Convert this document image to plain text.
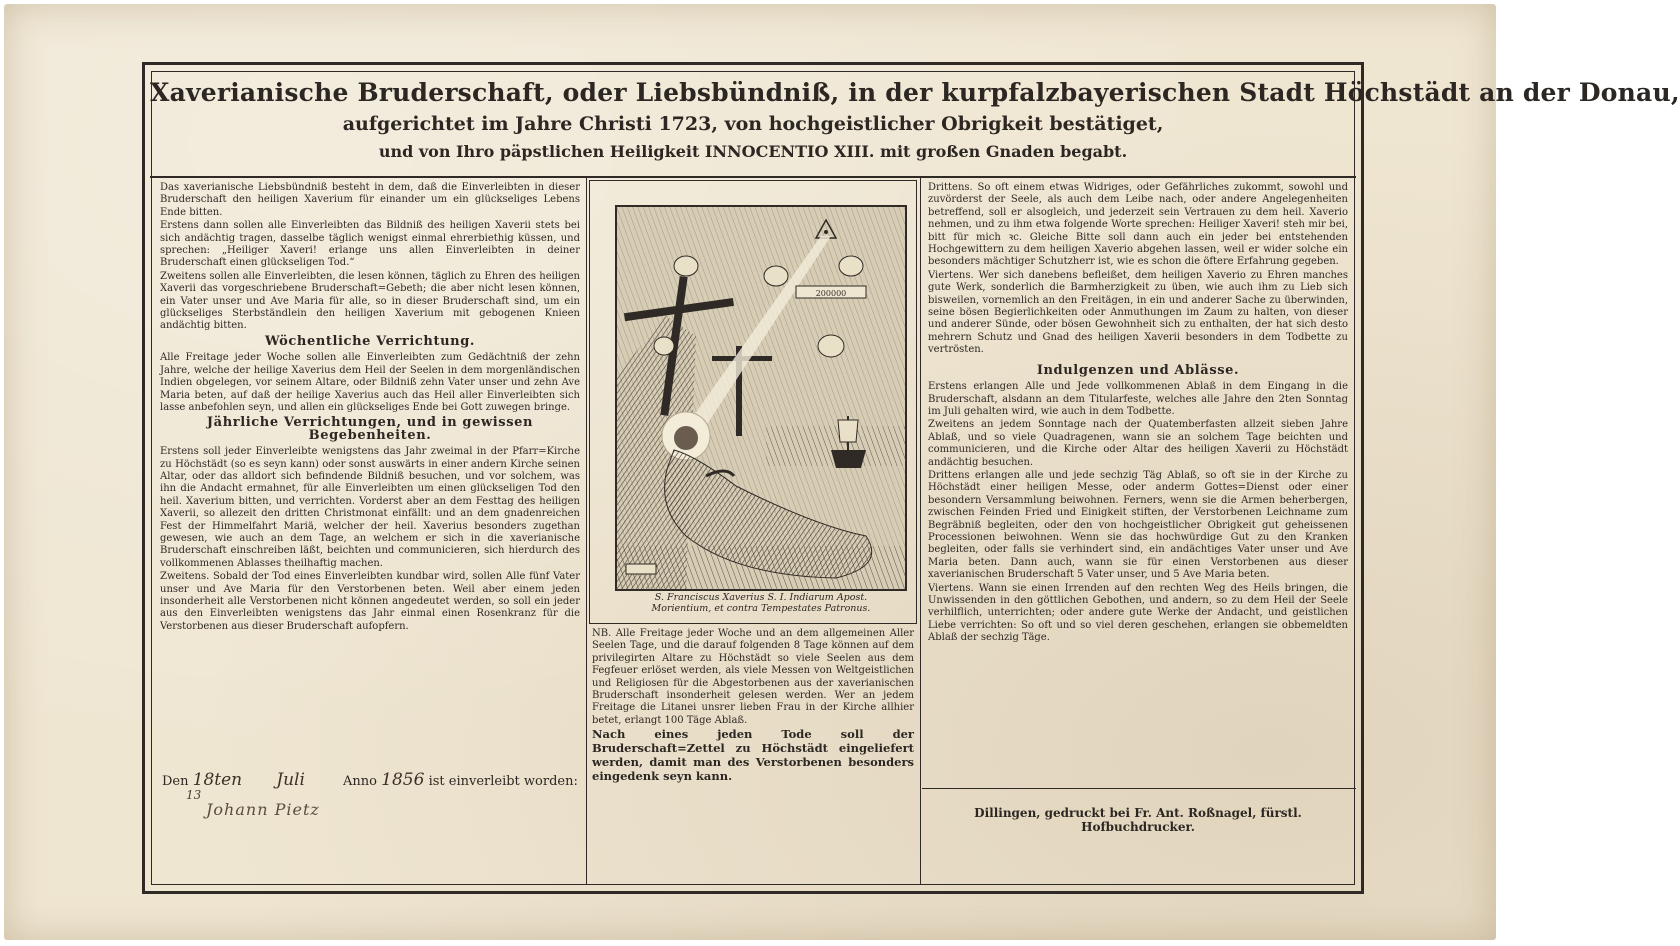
Xaverianische Bruderschaft, oder Liebsbündniß, in der kurpfalzbayerischen Stadt Höchstädt an der Donau,
aufgerichtet im Jahre Christi 1723, von hochgeistlicher Obrigkeit bestätiget,
und von Ihro päpstlichen Heiligkeit INNOCENTIO XIII. mit großen Gnaden begabt.

Das xaverianische Liebsbündniß besteht in dem, daß die Einverleibten in dieser Bruderschaft den heiligen Xaverium für einander um ein glückseliges Lebens Ende bitten.

Erstens dann sollen alle Einverleibten das Bildniß des heiligen Xaverii stets bei sich andächtig tragen, dasselbe täglich wenigst einmal ehrerbiethig küssen, und sprechen: „Heiliger Xaveri! erlange uns allen Einverleibten in deiner Bruderschaft einen glückseligen Tod.“

Zweitens sollen alle Einverleibten, die lesen können, täglich zu Ehren des heiligen Xaverii das vorgeschriebene Bruderschaft=Gebeth; die aber nicht lesen können, ein Vater unser und Ave Maria für alle, so in dieser Bruderschaft sind, um ein glückseliges Sterbständlein den heiligen Xaverium mit gebogenen Knieen andächtig bitten.

Wöchentliche Verrichtung.

Alle Freitage jeder Woche sollen alle Einverleibten zum Gedächtniß der zehn Jahre, welche der heilige Xaverius dem Heil der Seelen in dem morgenländischen Indien obgelegen, vor seinem Altare, oder Bildniß zehn Vater unser und zehn Ave Maria beten, auf daß der heilige Xaverius auch das Heil aller Einverleibten sich lasse anbefohlen seyn, und allen ein glückseliges Ende bei Gott zuwegen bringe.

Jährliche Verrichtungen, und in gewissen Begebenheiten.

Erstens soll jeder Einverleibte wenigstens das Jahr zweimal in der Pfarr=Kirche zu Höchstädt (so es seyn kann) oder sonst auswärts in einer andern Kirche seinen Altar, oder das alldort sich befindende Bildniß besuchen, und vor solchem, was ihn die Andacht ermahnet, für alle Einverleibten um einen glückseligen Tod den heil. Xaverium bitten, und verrichten. Vorderst aber an dem Festtag des heiligen Xaverii, so allezeit den dritten Christmonat einfällt: und an dem gnadenreichen Fest der Himmelfahrt Mariä, welcher der heil. Xaverius besonders zugethan gewesen, wie auch an dem Tage, an welchem er sich in die xaverianische Bruderschaft einschreiben läßt, beichten und communicieren, sich hierdurch des vollkommenen Ablasses theilhaftig machen.

Zweitens. Sobald der Tod eines Einverleibten kundbar wird, sollen Alle fünf Vater unser und Ave Maria für den Verstorbenen beten. Weil aber einem jeden insonderheit alle Verstorbenen nicht können angedeutet werden, so soll ein jeder aus den Einverleibten wenigstens das Jahr einmal einen Rosenkranz für die Verstorbenen aus dieser Bruderschaft aufopfern.

Den 18ten Juli	Anno 1856 ist einverleibt worden:
13
Johann Pietz
200000
S. Franciscus Xaverius S. I. Indiarum Apost.
Morientium, et contra Tempestates Patronus.

NB. Alle Freitage jeder Woche und an dem allgemeinen Aller Seelen Tage, und die darauf folgenden 8 Tage können auf dem privilegirten Altare zu Höchstädt so viele Seelen aus dem Fegfeuer erlöset werden, als viele Messen von Weltgeistlichen und Religiosen für die Abgestorbenen aus der xaverianischen Bruderschaft insonderheit gelesen werden. Wer an jedem Freitage die Litanei unsrer lieben Frau in der Kirche allhier betet, erlangt 100 Täge Ablaß.

Nach eines jeden Tode soll der Bruderschaft=Zettel zu Höchstädt eingeliefert werden, damit man des Verstorbenen besonders eingedenk seyn kann.

Drittens. So oft einem etwas Widriges, oder Gefährliches zukommt, sowohl und zuvörderst der Seele, als auch dem Leibe nach, oder andere Angelegenheiten betreffend, soll er alsogleich, und jederzeit sein Vertrauen zu dem heil. Xaverio nehmen, und zu ihm etwa folgende Worte sprechen: Heiliger Xaveri! steh mir bei, bitt für mich ꝛc. Gleiche Bitte soll dann auch ein jeder bei entstehenden Hochgewittern zu dem heiligen Xaverio abgehen lassen, weil er wider solche ein besonders mächtiger Schutzherr ist, wie es schon die öftere Erfahrung gegeben.

Viertens. Wer sich danebens befleißet, dem heiligen Xaverio zu Ehren manches gute Werk, sonderlich die Barmherzigkeit zu üben, wie auch ihm zu Lieb sich bisweilen, vornemlich an den Freitägen, in ein und anderer Sache zu überwinden, seine bösen Begierlichkeiten oder Anmuthungen im Zaum zu halten, von dieser und anderer Sünde, oder bösen Gewohnheit sich zu enthalten, der hat sich desto mehrern Schutz und Gnad des heiligen Xaverii besonders in dem Todbette zu vertrösten.

Indulgenzen und Ablässe.

Erstens erlangen Alle und Jede vollkommenen Ablaß in dem Eingang in die Bruderschaft, alsdann an dem Titularfeste, welches alle Jahre den 2ten Sonntag im Juli gehalten wird, wie auch in dem Todbette.

Zweitens an jedem Sonntage nach der Quatemberfasten allzeit sieben Jahre Ablaß, und so viele Quadragenen, wann sie an solchem Tage beichten und communicieren, und die Kirche oder Altar des heiligen Xaverii zu Höchstädt andächtig besuchen.

Drittens erlangen alle und jede sechzig Täg Ablaß, so oft sie in der Kirche zu Höchstädt einer heiligen Messe, oder anderm Gottes=Dienst oder einer besondern Versammlung beiwohnen. Ferners, wenn sie die Armen beherbergen, zwischen Feinden Fried und Einigkeit stiften, der Verstorbenen Leichname zum Begräbniß begleiten, oder den von hochgeistlicher Obrigkeit gut geheissenen Processionen beiwohnen. Wenn sie das hochwürdige Gut zu den Kranken begleiten, oder falls sie verhindert sind, ein andächtiges Vater unser und Ave Maria beten. Dann auch, wann sie für einen Verstorbenen aus dieser xaverianischen Bruderschaft 5 Vater unser, und 5 Ave Maria beten.

Viertens. Wann sie einen Irrenden auf den rechten Weg des Heils bringen, die Unwissenden in den göttlichen Gebothen, und andern, so zu dem Heil der Seele verhilflich, unterrichten; oder andere gute Werke der Andacht, und geistlichen Liebe verrichten: So oft und so viel deren geschehen, erlangen sie obbemeldten Ablaß der sechzig Täge.

Dillingen, gedruckt bei Fr. Ant. Roßnagel, fürstl. Hofbuchdrucker.
